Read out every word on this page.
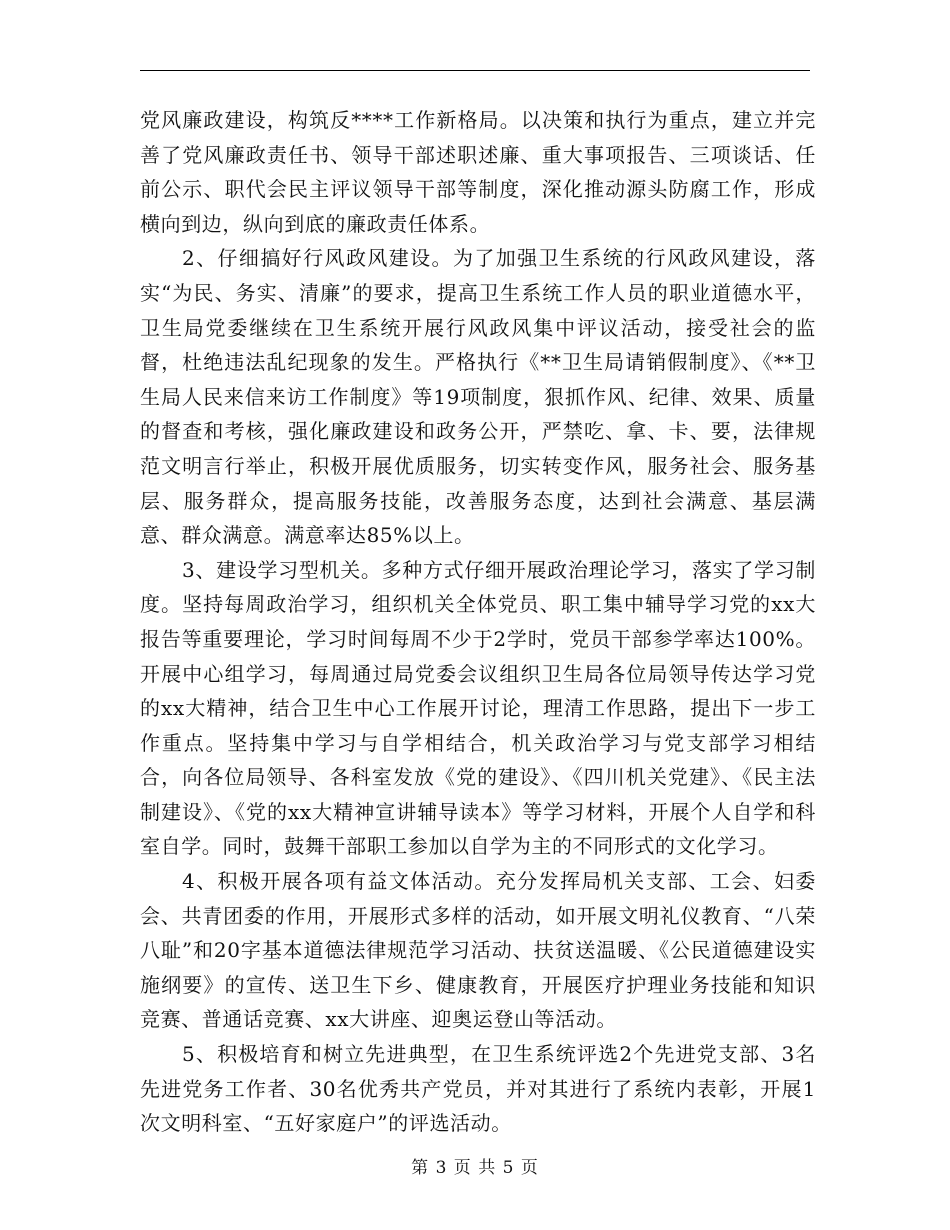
党风廉政建设，构筑反****工作新格局。以决策和执行为重点，建立并完善了党风廉政责任书、领导干部述职述廉、重大事项报告、三项谈话、任前公示、职代会民主评议领导干部等制度，深化推动源头防腐工作，形成横向到边，纵向到底的廉政责任体系。

2、仔细搞好行风政风建设。为了加强卫生系统的行风政风建设，落实“为民、务实、清廉”的要求，提高卫生系统工作人员的职业道德水平，卫生局党委继续在卫生系统开展行风政风集中评议活动，接受社会的监督，杜绝违法乱纪现象的发生。严格执行《**卫生局请销假制度》、《**卫生局人民来信来访工作制度》等19项制度，狠抓作风、纪律、效果、质量的督查和考核，强化廉政建设和政务公开，严禁吃、拿、卡、要，法律规范文明言行举止，积极开展优质服务，切实转变作风，服务社会、服务基层、服务群众，提高服务技能，改善服务态度，达到社会满意、基层满意、群众满意。满意率达85%以上。

3、建设学习型机关。多种方式仔细开展政治理论学习，落实了学习制度。坚持每周政治学习，组织机关全体党员、职工集中辅导学习党的xx大报告等重要理论，学习时间每周不少于2学时，党员干部参学率达100%。开展中心组学习，每周通过局党委会议组织卫生局各位局领导传达学习党的xx大精神，结合卫生中心工作展开讨论，理清工作思路，提出下一步工作重点。坚持集中学习与自学相结合，机关政治学习与党支部学习相结合，向各位局领导、各科室发放《党的建设》、《四川机关党建》、《民主法制建设》、《党的xx大精神宣讲辅导读本》等学习材料，开展个人自学和科室自学。同时，鼓舞干部职工参加以自学为主的不同形式的文化学习。

4、积极开展各项有益文体活动。充分发挥局机关支部、工会、妇委会、共青团委的作用，开展形式多样的活动，如开展文明礼仪教育、“八荣八耻”和20字基本道德法律规范学习活动、扶贫送温暖、《公民道德建设实施纲要》的宣传、送卫生下乡、健康教育，开展医疗护理业务技能和知识竞赛、普通话竞赛、xx大讲座、迎奥运登山等活动。

5、积极培育和树立先进典型，在卫生系统评选2个先进党支部、3名先进党务工作者、30名优秀共产党员，并对其进行了系统内表彰，开展1次文明科室、“五好家庭户”的评选活动。

第 3 页 共 5 页
